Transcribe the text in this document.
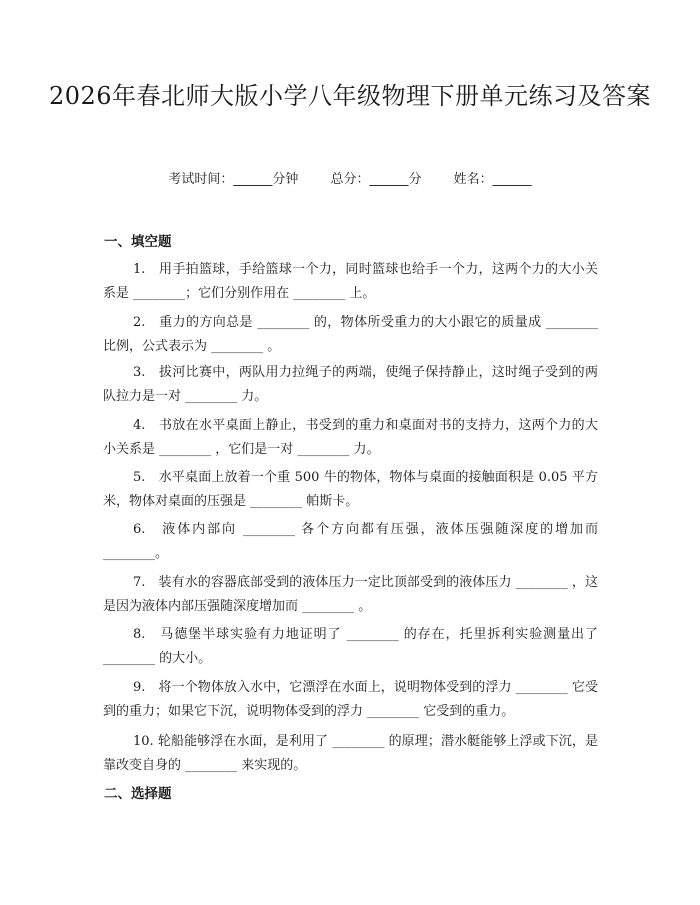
2026年春北师大版小学八年级物理下册单元练习及答案
考试时间：______分钟 总分：______分 姓名：______
一、填空题
1.　用手拍篮球，手给篮球一个力，同时篮球也给手一个力，这两个力的大小关系是 ________；它们分别作用在 ________ 上。
2.　重力的方向总是 ________ 的，物体所受重力的大小跟它的质量成 ________ 比例，公式表示为 ________ 。
3.　拔河比赛中，两队用力拉绳子的两端，使绳子保持静止，这时绳子受到的两队拉力是一对 ________ 力。
4.　书放在水平桌面上静止，书受到的重力和桌面对书的支持力，这两个力的大小关系是 ________ ，它们是一对 ________ 力。
5.　水平桌面上放着一个重 500 牛的物体，物体与桌面的接触面积是 0.05 平方米，物体对桌面的压强是 ________ 帕斯卡。
6.　液体内部向 ________ 各个方向都有压强，液体压强随深度的增加而 ________。
7.　装有水的容器底部受到的液体压力一定比顶部受到的液体压力 ________ ，这是因为液体内部压强随深度增加而 ________ 。
8.　马德堡半球实验有力地证明了 ________ 的存在，托里拆利实验测量出了 ________ 的大小。
9.　将一个物体放入水中，它漂浮在水面上，说明物体受到的浮力 ________ 它受到的重力；如果它下沉，说明物体受到的浮力 ________ 它受到的重力。
10. 轮船能够浮在水面，是利用了 ________ 的原理；潜水艇能够上浮或下沉，是靠改变自身的 ________ 来实现的。
二、选择题
